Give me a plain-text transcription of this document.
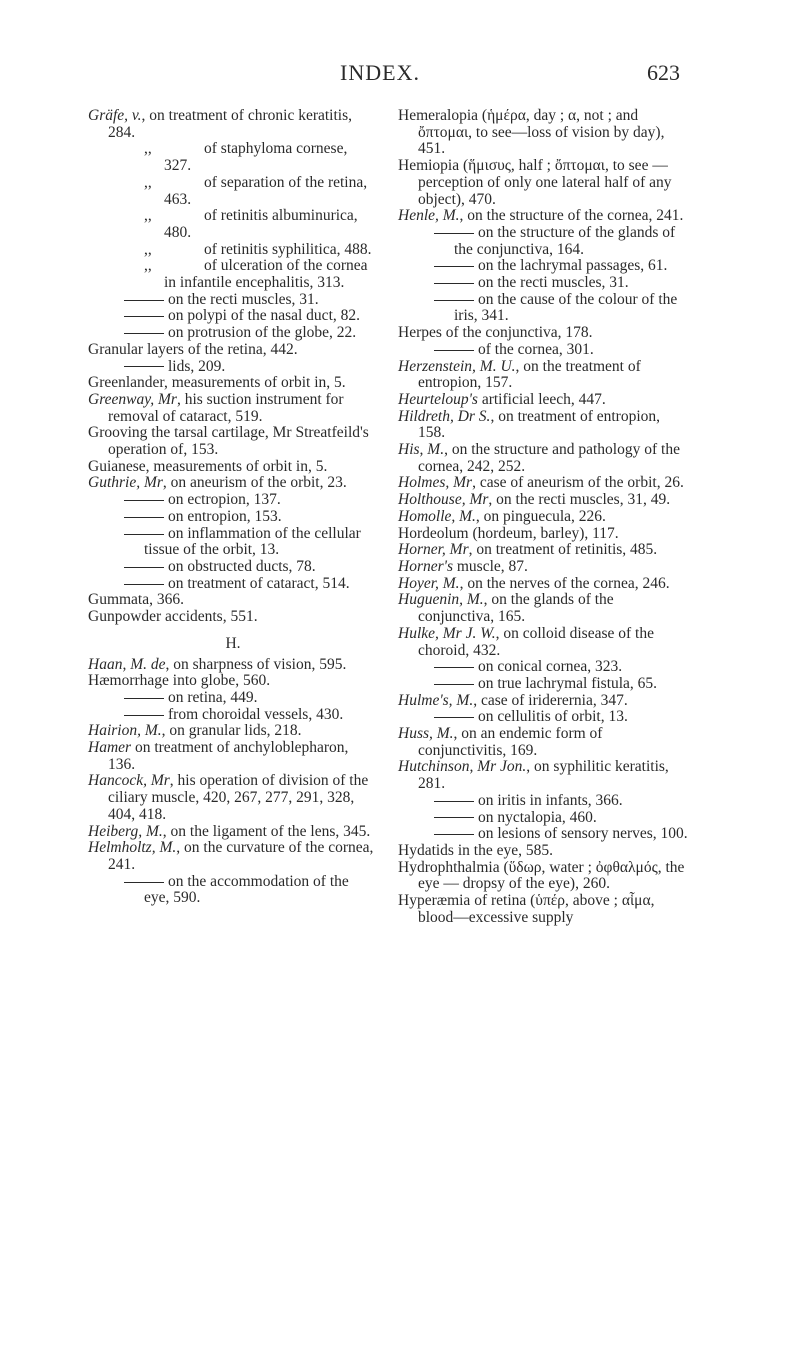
INDEX.	623

Gräfe, v., on treatment of chronic keratitis, 284.

,,	of staphyloma cornese, 327.

,,	of separation of the retina, 463.

,,	of retinitis albuminurica, 480.

,,	of retinitis syphilitica, 488.

,,	of ulceration of the cornea in infantile encephalitis, 313.

on the recti muscles, 31.

on polypi of the nasal duct, 82.

on protrusion of the globe, 22.

Granular layers of the retina, 442.

lids, 209.

Greenlander, measurements of orbit in, 5.

Greenway, Mr, his suction instrument for removal of cataract, 519.

Grooving the tarsal cartilage, Mr Streatfeild's operation of, 153.

Guianese, measurements of orbit in, 5.

Guthrie, Mr, on aneurism of the orbit, 23.

on ectropion, 137.

on entropion, 153.

on inflammation of the cellular tissue of the orbit, 13.

on obstructed ducts, 78.

on treatment of cataract, 514.

Gummata, 366.

Gunpowder accidents, 551.

H.

Haan, M. de, on sharpness of vision, 595.

Hæmorrhage into globe, 560.

on retina, 449.

from choroidal vessels, 430.

Hairion, M., on granular lids, 218.

Hamer on treatment of anchyloblepharon, 136.

Hancock, Mr, his operation of division of the ciliary muscle, 420, 267, 277, 291, 328, 404, 418.

Heiberg, M., on the ligament of the lens, 345.

Helmholtz, M., on the curvature of the cornea, 241.

on the accommodation of the eye, 590.

Hemeralopia (ἡμέρα, day ; α, not ; and ὄπτομαι, to see—loss of vision by day), 451.

Hemiopia (ἥμισυς, half ; ὄπτομαι, to see — perception of only one lateral half of any object), 470.

Henle, M., on the structure of the cornea, 241.

on the structure of the glands of the conjunctiva, 164.

on the lachrymal passages, 61.

on the recti muscles, 31.

on the cause of the colour of the iris, 341.

Herpes of the conjunctiva, 178.

of the cornea, 301.

Herzenstein, M. U., on the treatment of entropion, 157.

Heurteloup's artificial leech, 447.

Hildreth, Dr S., on treatment of entropion, 158.

His, M., on the structure and pathology of the cornea, 242, 252.

Holmes, Mr, case of aneurism of the orbit, 26.

Holthouse, Mr, on the recti muscles, 31, 49.

Homolle, M., on pinguecula, 226.

Hordeolum (hordeum, barley), 117.

Horner, Mr, on treatment of retinitis, 485.

Horner's muscle, 87.

Hoyer, M., on the nerves of the cornea, 246.

Huguenin, M., on the glands of the conjunctiva, 165.

Hulke, Mr J. W., on colloid disease of the choroid, 432.

on conical cornea, 323.

on true lachrymal fistula, 65.

Hulme's, M., case of iriderernia, 347.

on cellulitis of orbit, 13.

Huss, M., on an endemic form of conjunctivitis, 169.

Hutchinson, Mr Jon., on syphilitic keratitis, 281.

on iritis in infants, 366.

on nyctalopia, 460.

on lesions of sensory nerves, 100.

Hydatids in the eye, 585.

Hydrophthalmia (ὕδωρ, water ; ὀφθαλμός, the eye — dropsy of the eye), 260.

Hyperæmia of retina (ὑπέρ, above ; αἷμα, blood—excessive supply
